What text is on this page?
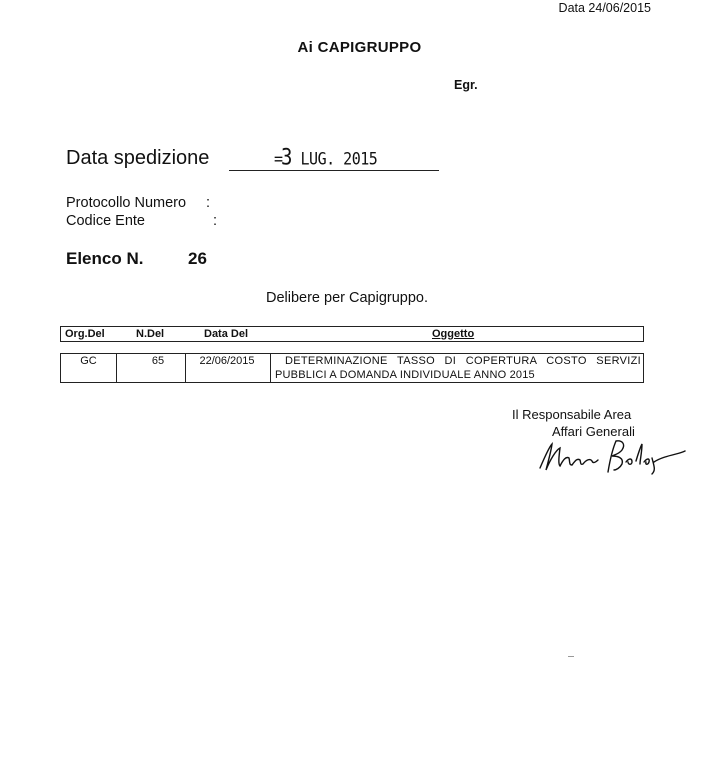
Data 24/06/2015
Ai CAPIGRUPPO
Egr.
Data spedizione	=3 LUG. 2015
Protocollo Numero :
Codice Ente	:
Elenco N.	26
Delibere per Capigruppo.
Org.Del	N.Del	Data Del	Oggetto
GC	65	22/06/2015	DETERMINAZIONE TASSO DI COPERTURA COSTO SERVIZI
PUBBLICI A DOMANDA INDIVIDUALE ANNO 2015
Il Responsabile Area
Affari Generali
